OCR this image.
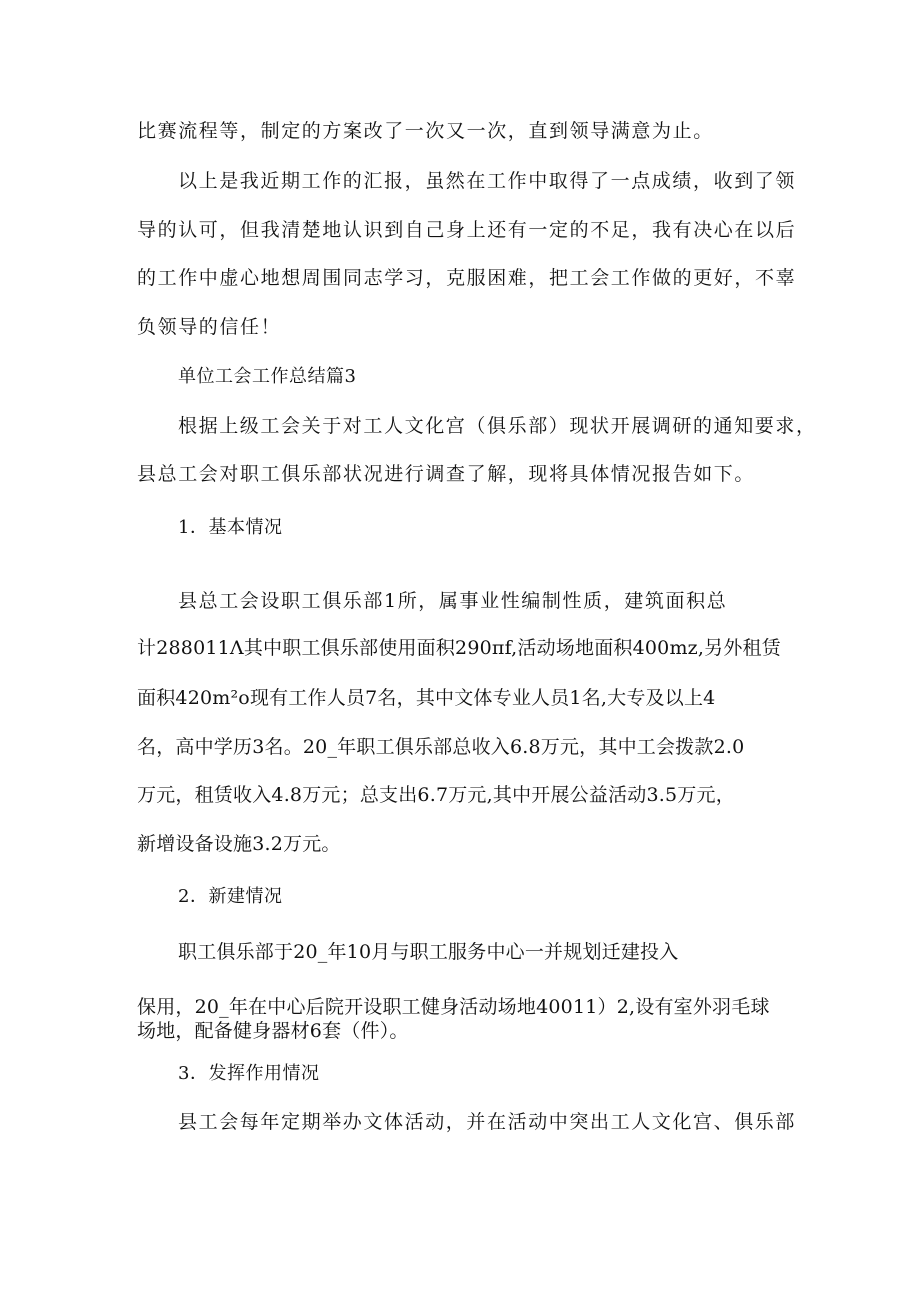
比赛流程等，制定的方案改了一次又一次，直到领导满意为止。
以上是我近期工作的汇报，虽然在工作中取得了一点成绩，收到了领
导的认可，但我清楚地认识到自己身上还有一定的不足，我有决心在以后
的工作中虚心地想周围同志学习，克服困难，把工会工作做的更好，不辜
负领导的信任！
单位工会工作总结篇3
根据上级工会关于对工人文化宫（俱乐部）现状开展调研的通知要求，
县总工会对职工俱乐部状况进行调查了解，现将具体情况报告如下。
1．基本情况
县总工会设职工俱乐部1所，属事业性编制性质，建筑面积总
计288011Λ其中职工俱乐部使用面积290πf,活动场地面积400mz,另外租赁
面积420m²o现有工作人员7名，其中文体专业人员1名,大专及以上4
名，高中学历3名。20_年职工俱乐部总收入6.8万元，其中工会拨款2.0
万元，租赁收入4.8万元；总支出6.7万元,其中开展公益活动3.5万元，
新增设备设施3.2万元。
2．新建情况
职工俱乐部于20_年10月与职工服务中心一并规划迁建投入
保用，20_年在中心后院开设职工健身活动场地40011）2,设有室外羽毛球
场地，配备健身器材6套（件）。
3．发挥作用情况
县工会每年定期举办文体活动，并在活动中突出工人文化宫、俱乐部
